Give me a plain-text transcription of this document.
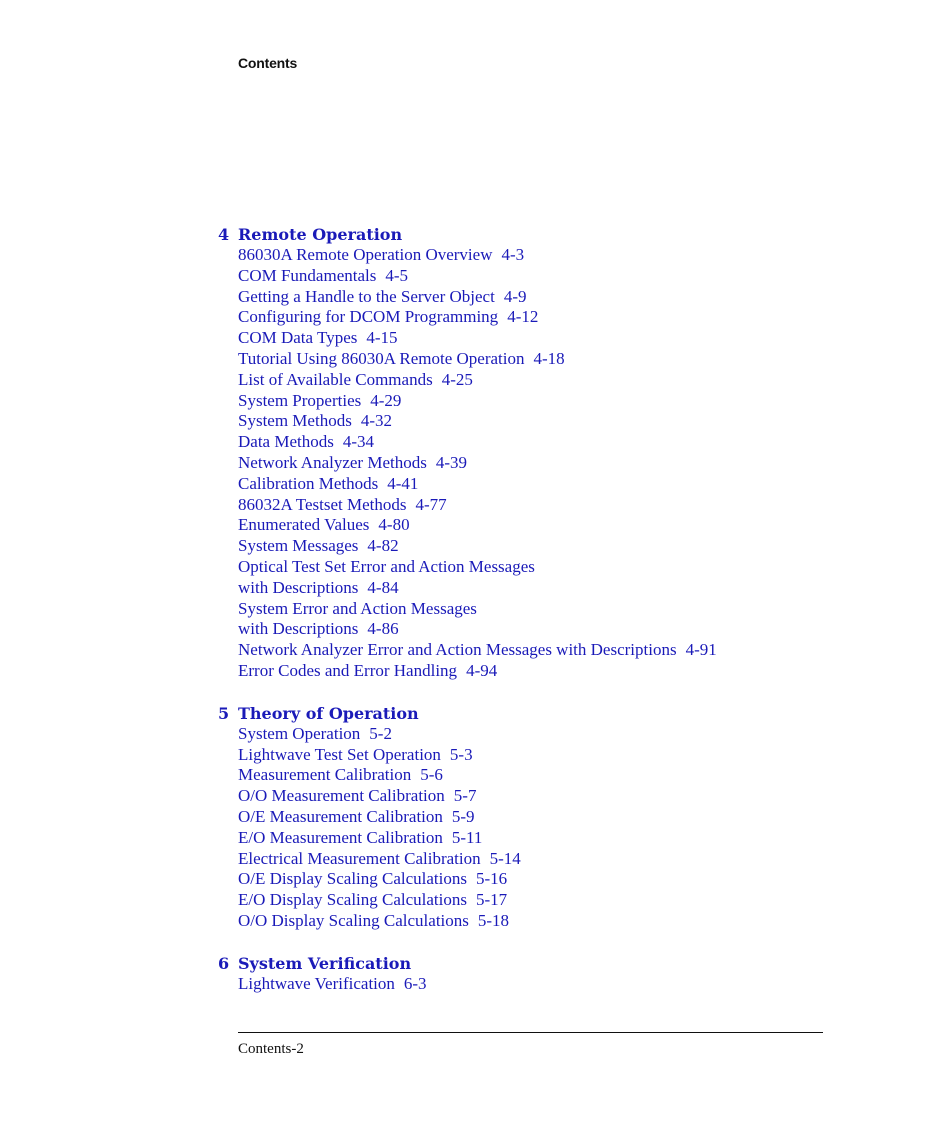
Contents
4 Remote Operation
86030A Remote Operation Overview 4-3
COM Fundamentals 4-5
Getting a Handle to the Server Object 4-9
Configuring for DCOM Programming 4-12
COM Data Types 4-15
Tutorial Using 86030A Remote Operation 4-18
List of Available Commands 4-25
System Properties 4-29
System Methods 4-32
Data Methods 4-34
Network Analyzer Methods 4-39
Calibration Methods 4-41
86032A Testset Methods 4-77
Enumerated Values 4-80
System Messages 4-82
Optical Test Set Error and Action Messages
with Descriptions 4-84
System Error and Action Messages
with Descriptions 4-86
Network Analyzer Error and Action Messages with Descriptions 4-91
Error Codes and Error Handling 4-94
5 Theory of Operation
System Operation 5-2
Lightwave Test Set Operation 5-3
Measurement Calibration 5-6
O/O Measurement Calibration 5-7
O/E Measurement Calibration 5-9
E/O Measurement Calibration 5-11
Electrical Measurement Calibration 5-14
O/E Display Scaling Calculations 5-16
E/O Display Scaling Calculations 5-17
O/O Display Scaling Calculations 5-18
6 System Verification
Lightwave Verification 6-3
Contents-2
